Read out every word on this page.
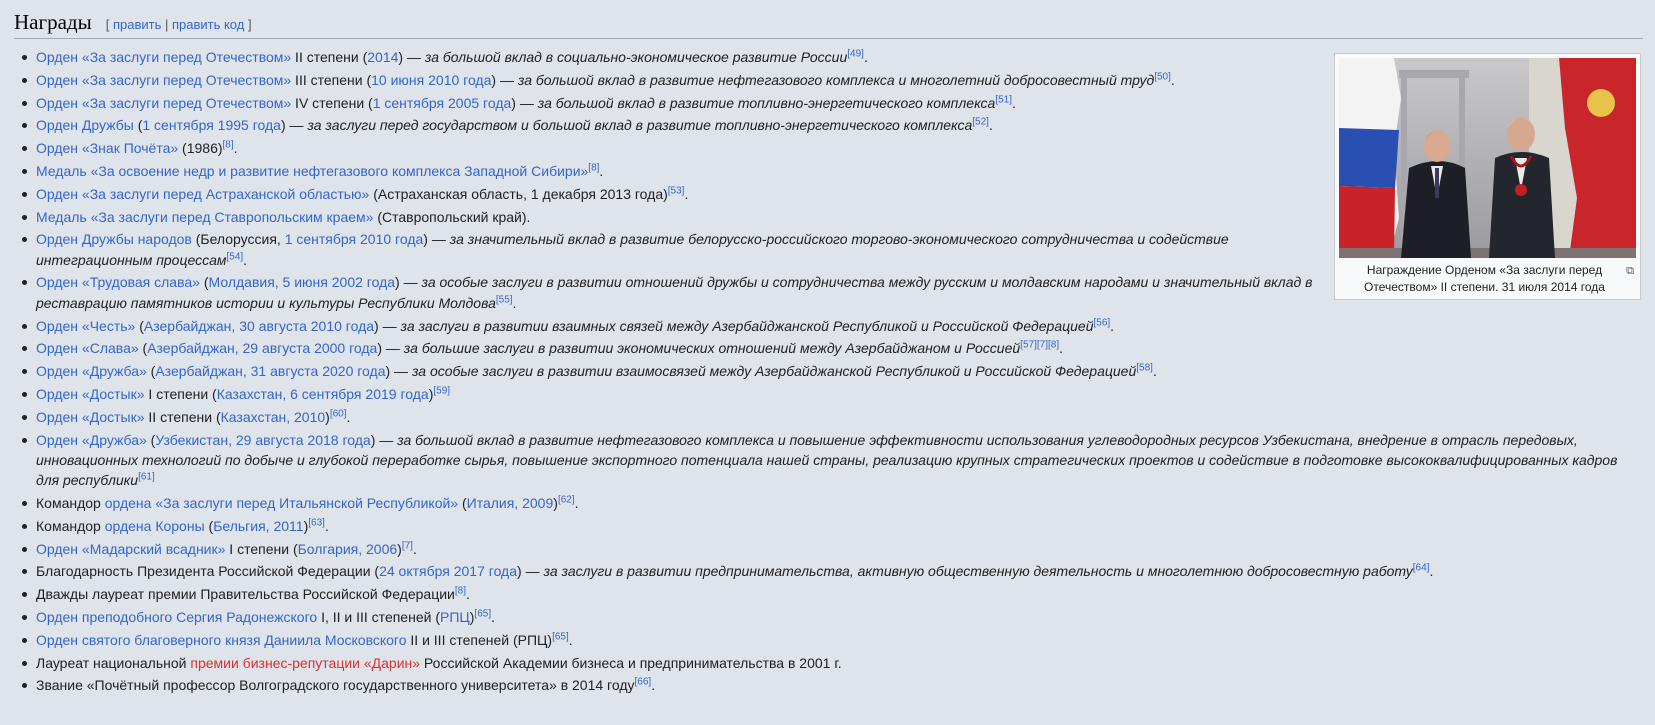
Награды [ править | править код ]
Орден «За заслуги перед Отечеством» II степени (2014) — за большой вклад в социально-экономическое развитие России[49].
Орден «За заслуги перед Отечеством» III степени (10 июня 2010 года) — за большой вклад в развитие нефтегазового комплекса и многолетний добросовестный труд[50].
Орден «За заслуги перед Отечеством» IV степени (1 сентября 2005 года) — за большой вклад в развитие топливно-энергетического комплекса[51].
Орден Дружбы (1 сентября 1995 года) — за заслуги перед государством и большой вклад в развитие топливно-энергетического комплекса[52].
Орден «Знак Почёта» (1986)[8].
Медаль «За освоение недр и развитие нефтегазового комплекса Западной Сибири»[8].
Орден «За заслуги перед Астраханской областью» (Астраханская область, 1 декабря 2013 года)[53].
Медаль «За заслуги перед Ставропольским краем» (Ставропольский край).
Орден Дружбы народов (Белоруссия, 1 сентября 2010 года) — за значительный вклад в развитие белорусско-российского торгово-экономического сотрудничества и содействие интеграционным процессам[54].
Орден «Трудовая слава» (Молдавия, 5 июня 2002 года) — за особые заслуги в развитии отношений дружбы и сотрудничества между русским и молдавским народами и значительный вклад в реставрацию памятников истории и культуры Республики Молдова[55].
Орден «Честь» (Азербайджан, 30 августа 2010 года) — за заслуги в развитии взаимных связей между Азербайджанской Республикой и Российской Федерацией[56].
Орден «Слава» (Азербайджан, 29 августа 2000 года) — за большие заслуги в развитии экономических отношений между Азербайджаном и Россией[57][7][8].
Орден «Дружба» (Азербайджан, 31 августа 2020 года) — за особые заслуги в развитии взаимосвязей между Азербайджанской Республикой и Российской Федерацией[58].
Орден «Достык» I степени (Казахстан, 6 сентября 2019 года)[59]
Орден «Достык» II степени (Казахстан, 2010)[60].
Орден «Дружба» (Узбекистан, 29 августа 2018 года) — за большой вклад в развитие нефтегазового комплекса и повышение эффективности использования углеводородных ресурсов Узбекистана, внедрение в отрасль передовых, инновационных технологий по добыче и глубокой переработке сырья, повышение экспортного потенциала нашей страны, реализацию крупных стратегических проектов и содействие в подготовке высококвалифицированных кадров для республики[61]
Командор ордена «За заслуги перед Итальянской Республикой» (Италия, 2009)[62].
Командор ордена Короны (Бельгия, 2011)[63].
Орден «Мадарский всадник» I степени (Болгария, 2006)[7].
Благодарность Президента Российской Федерации (24 октября 2017 года) — за заслуги в развитии предпринимательства, активную общественную деятельность и многолетнюю добросовестную работу[64].
Дважды лауреат премии Правительства Российской Федерации[8].
Орден преподобного Сергия Радонежского I, II и III степеней (РПЦ)[65].
Орден святого благоверного князя Даниила Московского II и III степеней (РПЦ)[65].
Лауреат национальной премии бизнес-репутации «Дарин» Российской Академии бизнеса и предпринимательства в 2001 г.
Звание «Почётный профессор Волгоградского государственного университета» в 2014 году[66].
Награждение Орденом «За заслуги перед Отечеством» II степени. 31 июля 2014 года
⧉
